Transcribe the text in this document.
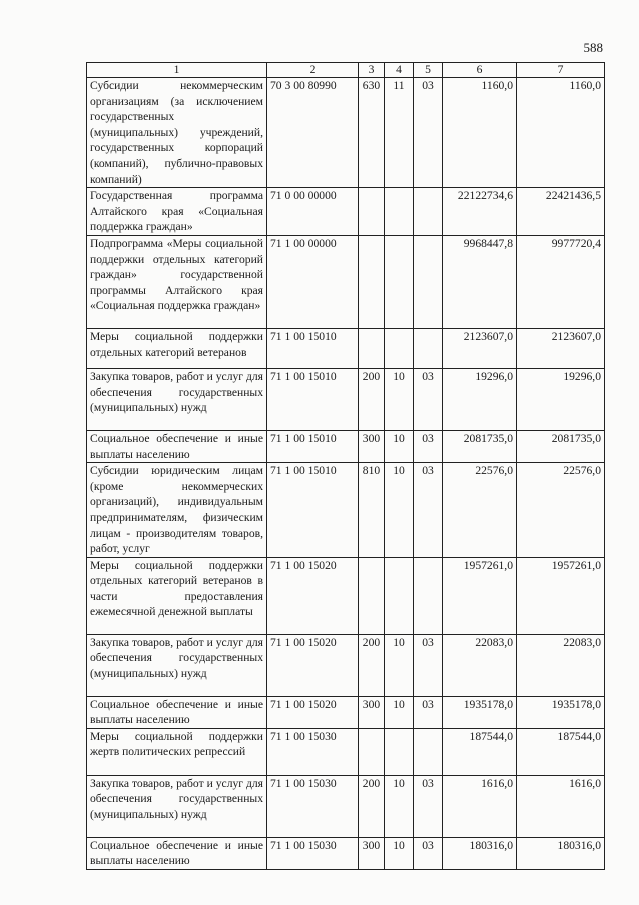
588
1	2	3	4	5	6	7
Субсидии некоммерческим организациям (за исключением государственных (муниципальных) учреждений, государственных корпораций (компаний), публично-правовых компаний)	70 3 00 80990	630	11	03	1160,0	1160,0
Государственная программа Алтайского края «Социальная поддержка граждан»	71 0 00 00000				22122734,6	22421436,5
Подпрограмма «Меры социальной поддержки отдельных категорий граждан» государственной программы Алтайского края «Социальная поддержка граждан»	71 1 00 00000				9968447,8	9977720,4
Меры социальной поддержки отдельных категорий ветеранов	71 1 00 15010				2123607,0	2123607,0
Закупка товаров, работ и услуг для обеспечения государственных (муниципальных) нужд	71 1 00 15010	200	10	03	19296,0	19296,0
Социальное обеспечение и иные выплаты населению	71 1 00 15010	300	10	03	2081735,0	2081735,0
Субсидии юридическим лицам (кроме некоммерческих организаций), индивидуальным предпринимателям, физическим лицам - производителям товаров, работ, услуг	71 1 00 15010	810	10	03	22576,0	22576,0
Меры социальной поддержки отдельных категорий ветеранов в части предоставления ежемесячной денежной выплаты	71 1 00 15020				1957261,0	1957261,0
Закупка товаров, работ и услуг для обеспечения государственных (муниципальных) нужд	71 1 00 15020	200	10	03	22083,0	22083,0
Социальное обеспечение и иные выплаты населению	71 1 00 15020	300	10	03	1935178,0	1935178,0
Меры социальной поддержки жертв политических репрессий	71 1 00 15030				187544,0	187544,0
Закупка товаров, работ и услуг для обеспечения государственных (муниципальных) нужд	71 1 00 15030	200	10	03	1616,0	1616,0
Социальное обеспечение и иные выплаты населению	71 1 00 15030	300	10	03	180316,0	180316,0
